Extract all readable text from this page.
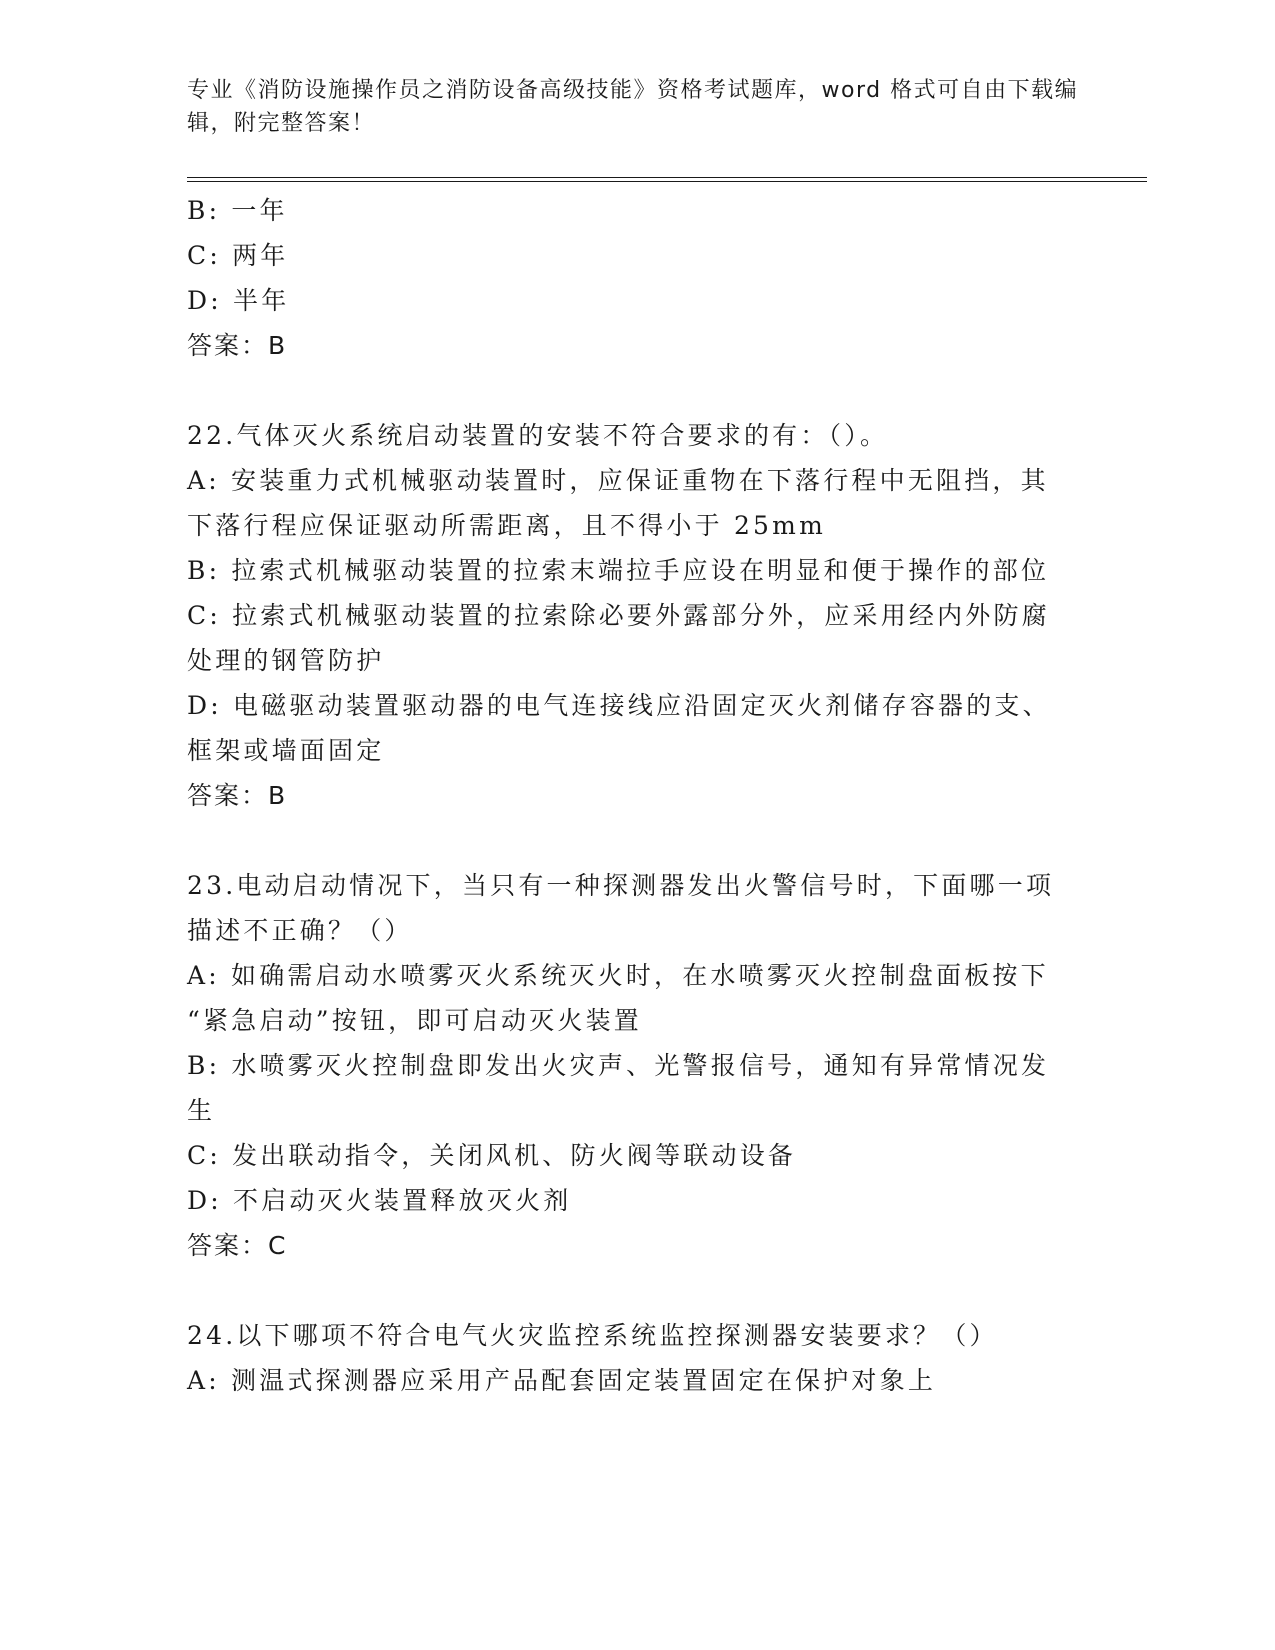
专业《消防设施操作员之消防设备高级技能》资格考试题库，word 格式可自由下载编辑，附完整答案！
B: 一年
C: 两年
D: 半年
答案：B
22.气体灭火系统启动装置的安装不符合要求的有：（）。
A: 安装重力式机械驱动装置时，应保证重物在下落行程中无阻挡，其
下落行程应保证驱动所需距离，且不得小于 25mm
B: 拉索式机械驱动装置的拉索末端拉手应设在明显和便于操作的部位
C: 拉索式机械驱动装置的拉索除必要外露部分外，应采用经内外防腐
处理的钢管防护
D: 电磁驱动装置驱动器的电气连接线应沿固定灭火剂储存容器的支、
框架或墙面固定
答案：B
23.电动启动情况下，当只有一种探测器发出火警信号时，下面哪一项
描述不正确？（）
A: 如确需启动水喷雾灭火系统灭火时，在水喷雾灭火控制盘面板按下
“紧急启动”按钮，即可启动灭火装置
B: 水喷雾灭火控制盘即发出火灾声、光警报信号，通知有异常情况发
生
C: 发出联动指令，关闭风机、防火阀等联动设备
D: 不启动灭火装置释放灭火剂
答案：C
24.以下哪项不符合电气火灾监控系统监控探测器安装要求？（）
A: 测温式探测器应采用产品配套固定装置固定在保护对象上
